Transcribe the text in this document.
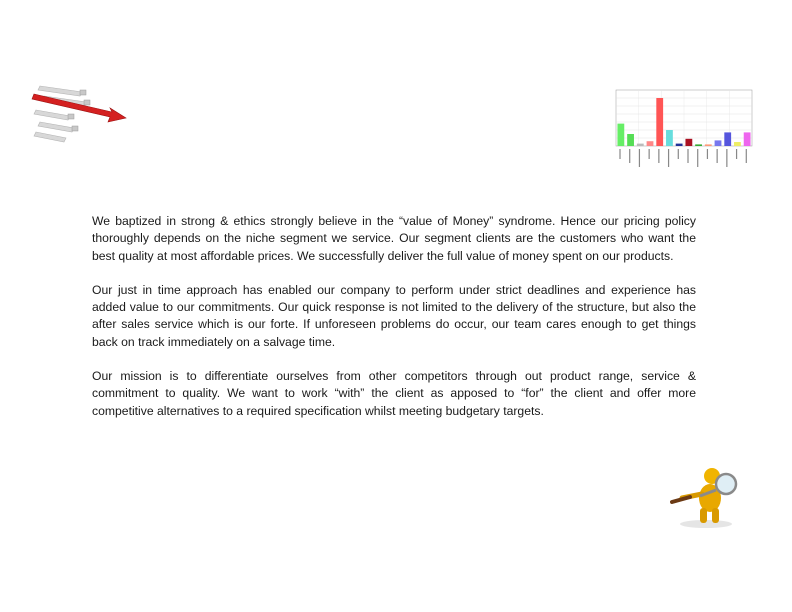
We baptized in strong & ethics strongly believe in the “value of Money” syndrome. Hence our pricing policy thoroughly depends on the niche segment we service. Our segment clients are the customers who want the best quality at most affordable prices. We successfully deliver the full value of money spent on our products.

Our just in time approach has enabled our company to perform under strict deadlines and experience has added value to our commitments. Our quick response is not limited to the delivery of the structure, but also the after sales service which is our forte. If unforeseen problems do occur, our team cares enough to get things back on track immediately on a salvage time.

Our mission is to differentiate ourselves from other competitors through out product range, service & commitment to quality. We want to work “with” the client as apposed to “for” the client and offer more competitive alternatives to a required specification whilst meeting budgetary targets.
